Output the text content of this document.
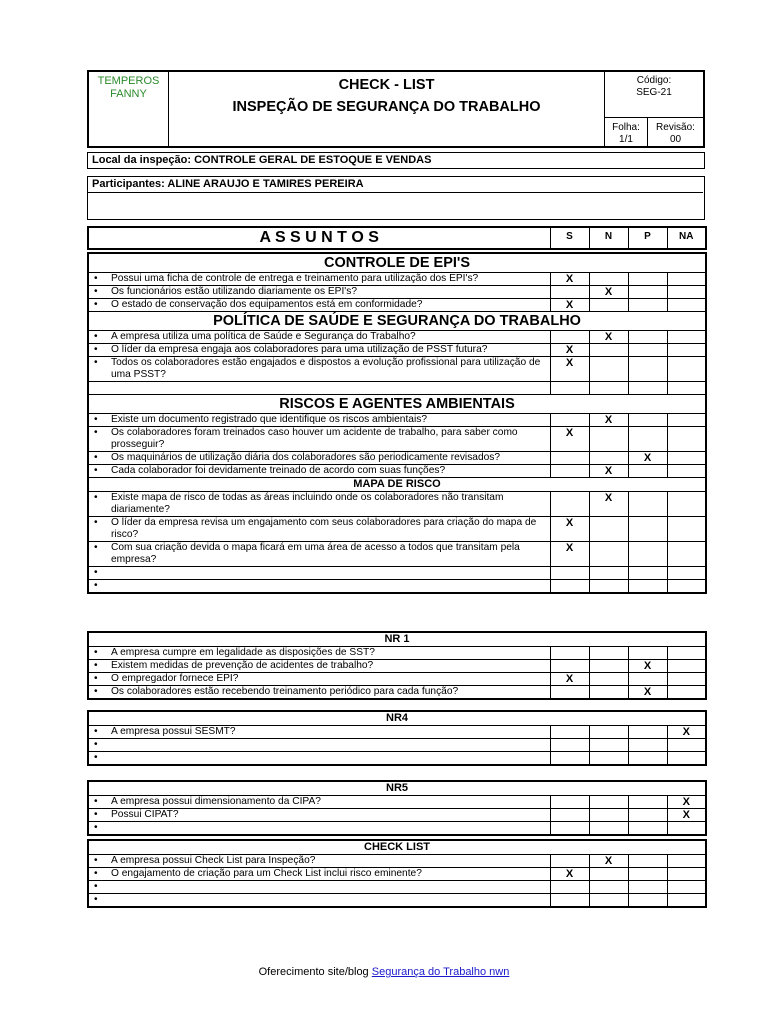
TEMPEROS
FANNY
CHECK - LIST
INSPEÇÃO DE SEGURANÇA DO TRABALHO
Código:
SEG-21
Folha:
1/1
Revisão:
00
Local da inspeção: CONTROLE GERAL DE ESTOQUE E VENDAS
Participantes: ALINE ARAUJO E TAMIRES PEREIRA
A S S U N T O S	S	N	P	NA
CONTROLE DE EPI'S				

• Possui uma ficha de controle de entrega e treinamento para utilização dos EPI's?	X			

• Os funcionários estão utilizando diariamente os EPI's?		X		

• O estado de conservação dos equipamentos está em conformidade?	X			
POLÍTICA DE SAÚDE E SEGURANÇA DO TRABALHO				

• A empresa utiliza uma política de Saúde e Segurança do Trabalho?		X		

• O líder da empresa engaja aos colaboradores para uma utilização de PSST futura?	X			

• Todos os colaboradores estão engajados e dispostos a evolução profissional para utilização de uma PSST?	X			

RISCOS E AGENTES AMBIENTAIS				

• Existe um documento registrado que identifique os riscos ambientais?		X		

• Os colaboradores foram treinados caso houver um acidente de trabalho, para saber como prosseguir?	X			

• Os maquinários de utilização diária dos colaboradores são periodicamente revisados?			X	

• Cada colaborador foi devidamente treinado de acordo com suas funções?		X		
MAPA DE RISCO				

• Existe mapa de risco de todas as áreas incluindo onde os colaboradores não transitam diariamente?		X		

• O líder da empresa revisa um engajamento com seus colaboradores para criação do mapa de risco?	X			

• Com sua criação devida o mapa ficará em uma área de acesso a todos que transitam pela empresa?	X			

•				

•				

NR 1				

• A empresa cumpre em legalidade as disposições de SST?				

• Existem medidas de prevenção de acidentes de trabalho?			X	

• O empregador fornece EPI?	X			

• Os colaboradores estão recebendo treinamento periódico para cada função?			X	
NR4				

• A empresa possui SESMT?				X

•				

•				

NR5				

• A empresa possui dimensionamento da CIPA?				X

• Possui CIPAT?				X

•				

CHECK LIST				

• A empresa possui Check List para Inspeção?		X		

• O engajamento de criação para um Check List inclui risco eminente?	X			

•				

•				

Oferecimento site/blog Segurança do Trabalho nwn
